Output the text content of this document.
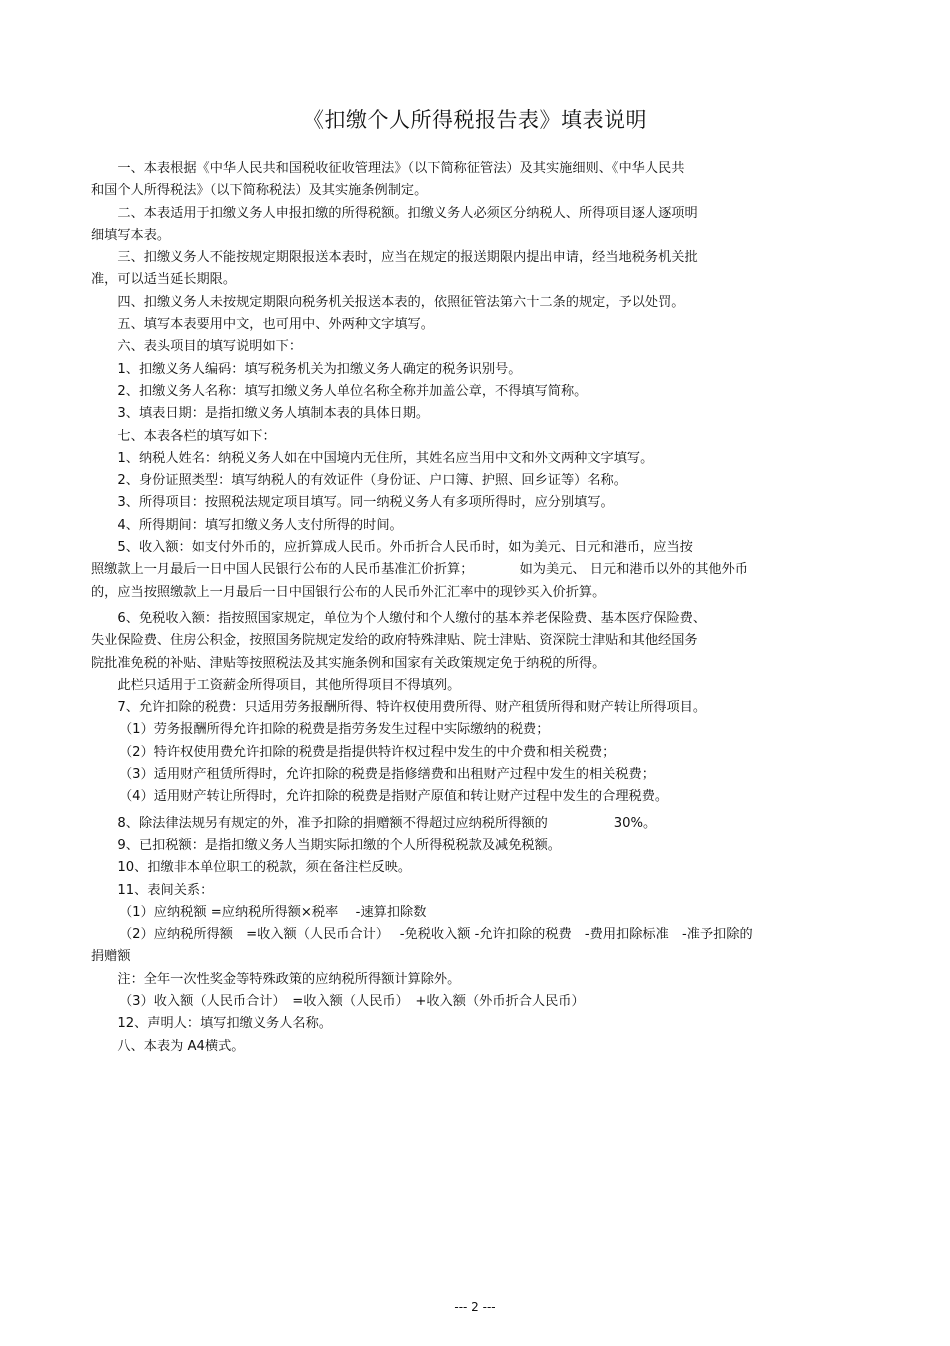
《扣缴个人所得税报告表》填表说明

一、本表根据《中华人民共和国税收征收管理法》（以下简称征管法）及其实施细则、《中华人民共

和国个人所得税法》（以下简称税法）及其实施条例制定。

二、本表适用于扣缴义务人申报扣缴的所得税额。扣缴义务人必须区分纳税人、所得项目逐人逐项明

细填写本表。

三、扣缴义务人不能按规定期限报送本表时，应当在规定的报送期限内提出申请，经当地税务机关批

准，可以适当延长期限。

四、扣缴义务人未按规定期限向税务机关报送本表的，依照征管法第六十二条的规定，予以处罚。

五、填写本表要用中文，也可用中、外两种文字填写。

六、表头项目的填写说明如下：

1、扣缴义务人编码：填写税务机关为扣缴义务人确定的税务识别号。

2、扣缴义务人名称：填写扣缴义务人单位名称全称并加盖公章，不得填写简称。

3、填表日期：是指扣缴义务人填制本表的具体日期。

七、本表各栏的填写如下：

1、纳税人姓名：纳税义务人如在中国境内无住所，其姓名应当用中文和外文两种文字填写。

2、身份证照类型：填写纳税人的有效证件（身份证、户口簿、护照、回乡证等）名称。

3、所得项目：按照税法规定项目填写。同一纳税义务人有多项所得时，应分别填写。

4、所得期间：填写扣缴义务人支付所得的时间。

5、收入额：如支付外币的，应折算成人民币。外币折合人民币时，如为美元、日元和港币，应当按

照缴款上一月最后一日中国人民银行公布的人民币基准汇价折算；　　　　如为美元、 日元和港币以外的其他外币

的，应当按照缴款上一月最后一日中国银行公布的人民币外汇汇率中的现钞买入价折算。

6、免税收入额：指按照国家规定，单位为个人缴付和个人缴付的基本养老保险费、基本医疗保险费、

失业保险费、住房公积金，按照国务院规定发给的政府特殊津贴、院士津贴、资深院士津贴和其他经国务

院批准免税的补贴、津贴等按照税法及其实施条例和国家有关政策规定免于纳税的所得。

此栏只适用于工资薪金所得项目，其他所得项目不得填列。

7、允许扣除的税费：只适用劳务报酬所得、特许权使用费所得、财产租赁所得和财产转让所得项目。

（1）劳务报酬所得允许扣除的税费是指劳务发生过程中实际缴纳的税费；

（2）特许权使用费允许扣除的税费是指提供特许权过程中发生的中介费和相关税费；

（3）适用财产租赁所得时，允许扣除的税费是指修缮费和出租财产过程中发生的相关税费；

（4）适用财产转让所得时，允许扣除的税费是指财产原值和转让财产过程中发生的合理税费。

8、除法律法规另有规定的外，准予扣除的捐赠额不得超过应纳税所得额的　　　　　30%。

9、已扣税额：是指扣缴义务人当期实际扣缴的个人所得税税款及减免税额。

10、扣缴非本单位职工的税款，须在备注栏反映。

11、表间关系：

（1）应纳税额 =应纳税所得额×税率　 -速算扣除数

（2）应纳税所得额　=收入额（人民币合计）　 -免税收入额 -允许扣除的税费　-费用扣除标准　-准予扣除的

捐赠额

注：全年一次性奖金等特殊政策的应纳税所得额计算除外。

（3）收入额（人民币合计）　=收入额（人民币）　+收入额（外币折合人民币）

12、声明人：填写扣缴义务人名称。

八、本表为 A4横式。

--- 2 ---
